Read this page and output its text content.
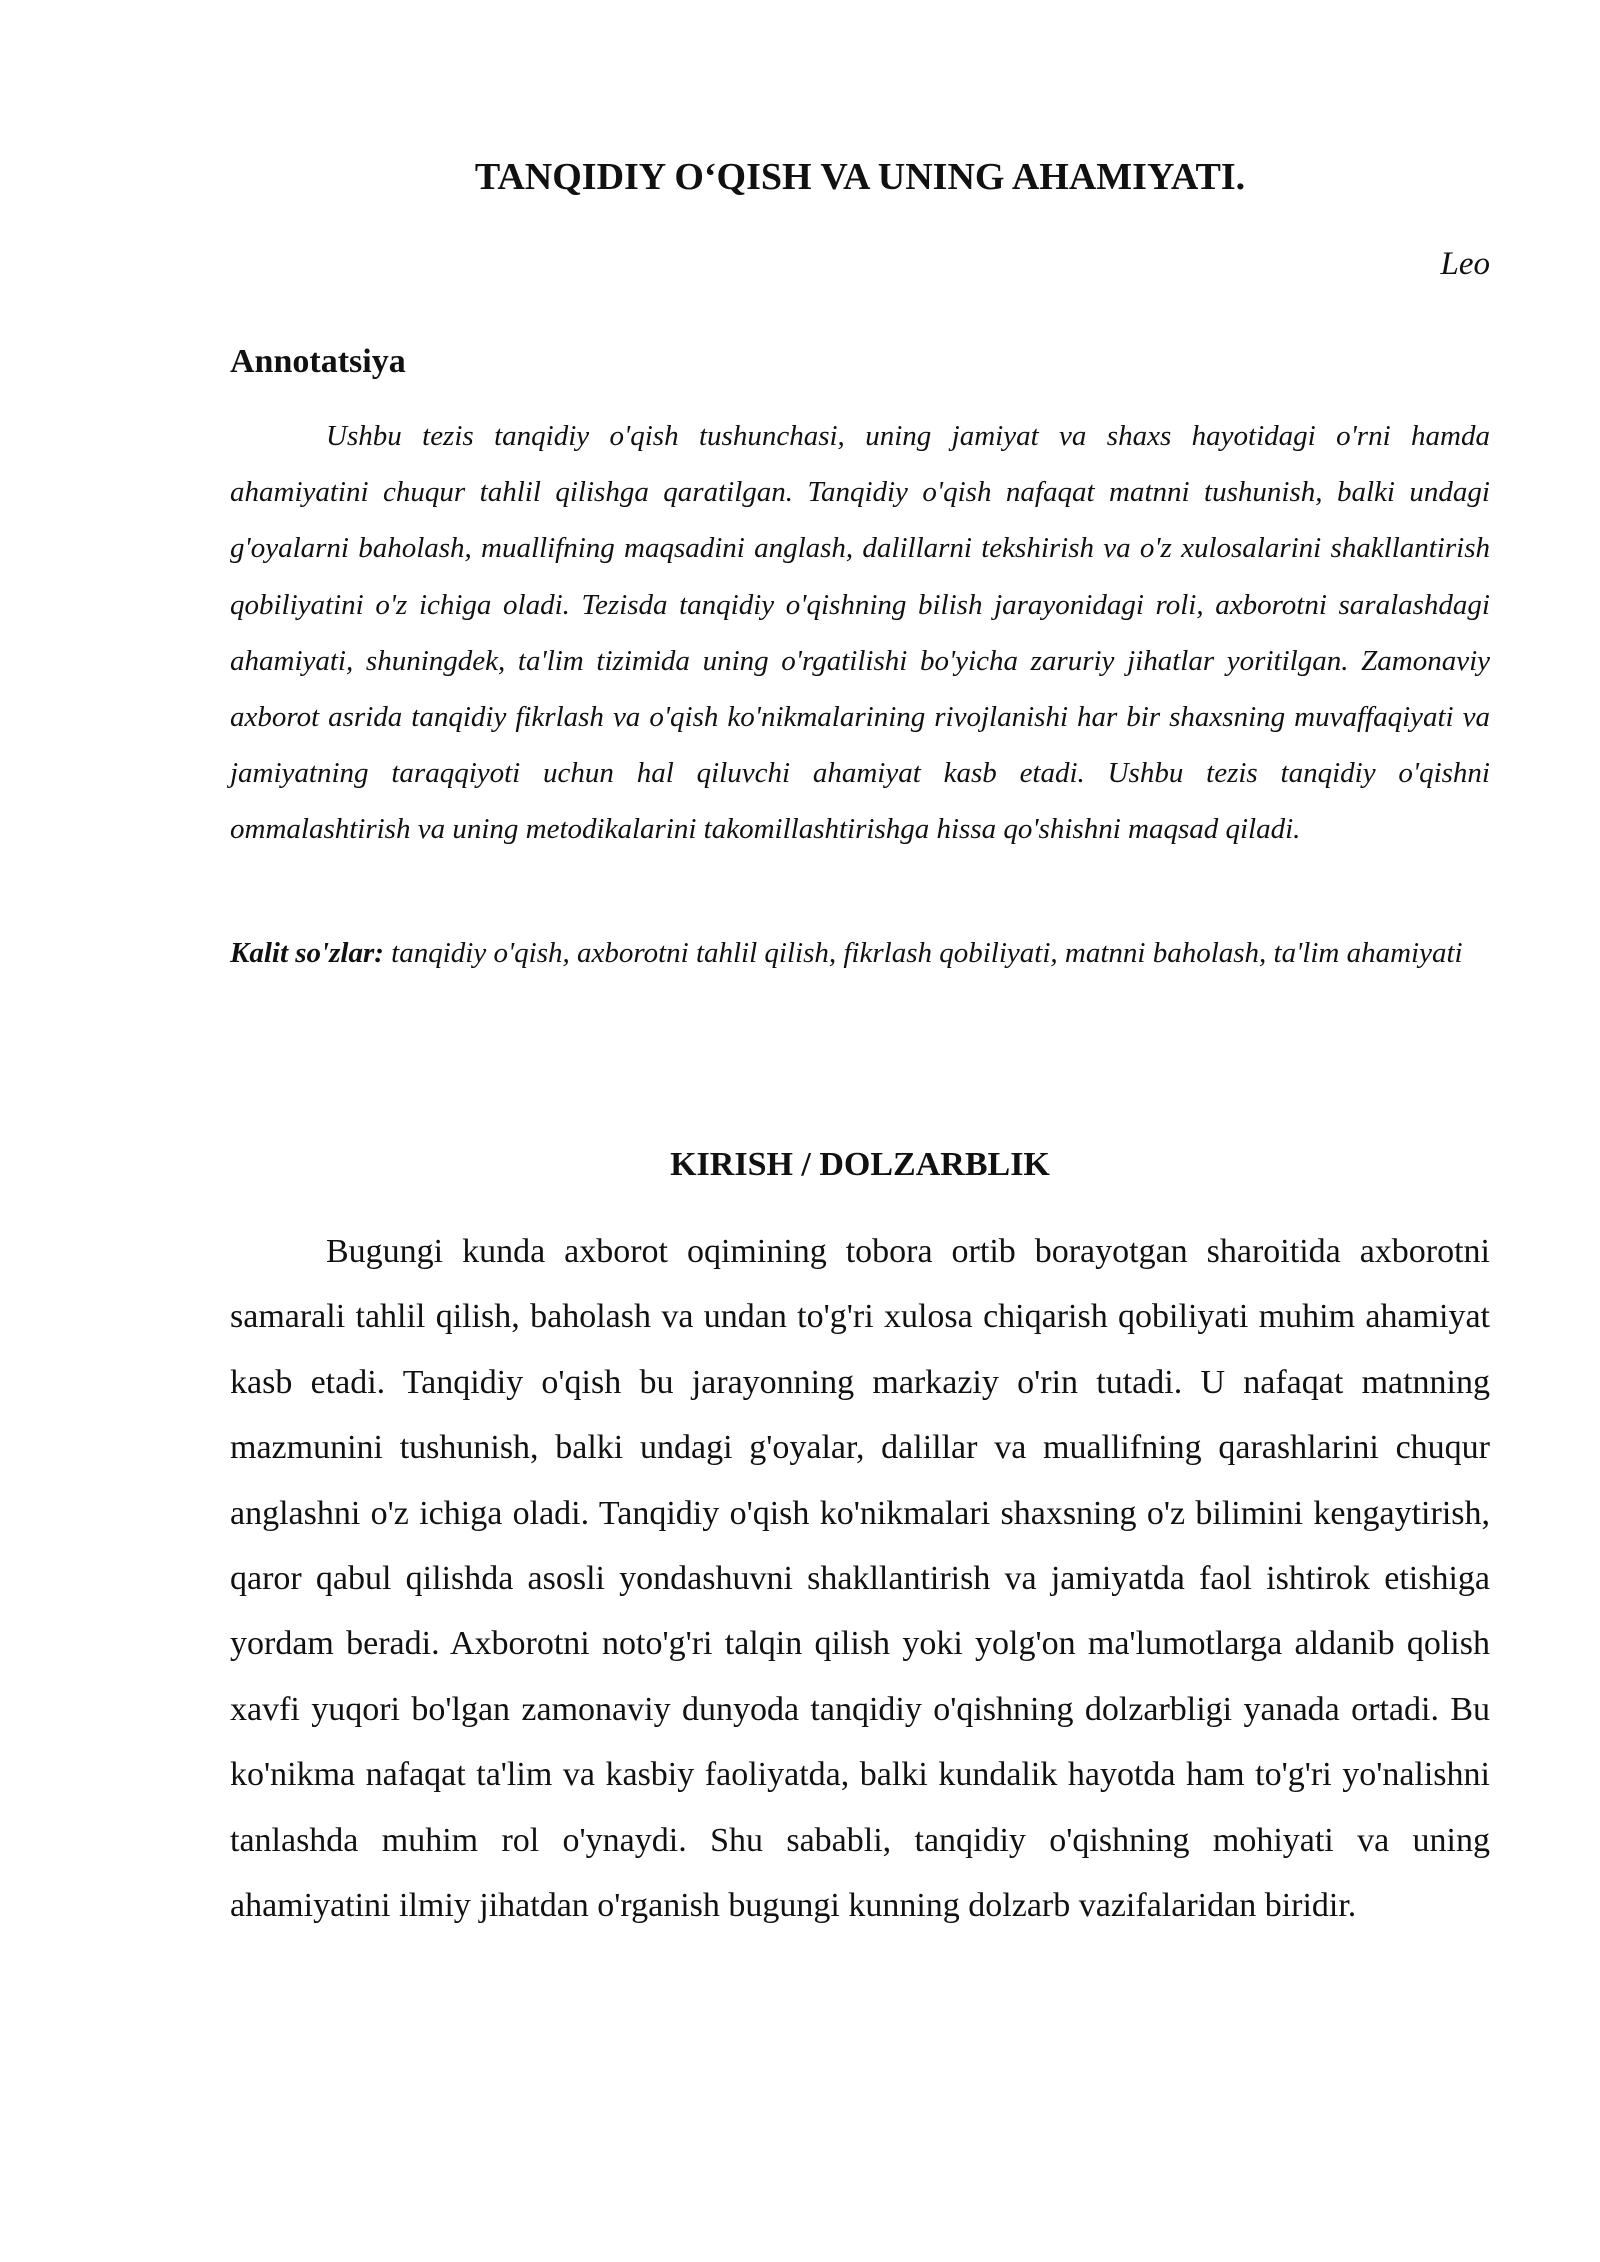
TANQIDIY O‘QISH VA UNING AHAMIYATI.

Leo

Annotatsiya

Ushbu tezis tanqidiy o'qish tushunchasi, uning jamiyat va shaxs hayotidagi o'rni hamda ahamiyatini chuqur tahlil qilishga qaratilgan. Tanqidiy o'qish nafaqat matnni tushunish, balki undagi g'oyalarni baholash, muallifning maqsadini anglash, dalillarni tekshirish va o'z xulosalarini shakllantirish qobiliyatini o'z ichiga oladi. Tezisda tanqidiy o'qishning bilish jarayonidagi roli, axborotni saralashdagi ahamiyati, shuningdek, ta'lim tizimida uning o'rgatilishi bo'yicha zaruriy jihatlar yoritilgan. Zamonaviy axborot asrida tanqidiy fikrlash va o'qish ko'nikmalarining rivojlanishi har bir shaxsning muvaffaqiyati va jamiyatning taraqqiyoti uchun hal qiluvchi ahamiyat kasb etadi. Ushbu tezis tanqidiy o'qishni ommalashtirish va uning metodikalarini takomillashtirishga hissa qo'shishni maqsad qiladi.

Kalit so'zlar: tanqidiy o'qish, axborotni tahlil qilish, fikrlash qobiliyati, matnni baholash, ta'lim ahamiyati

KIRISH / DOLZARBLIK

Bugungi kunda axborot oqimining tobora ortib borayotgan sharoitida axborotni samarali tahlil qilish, baholash va undan to'g'ri xulosa chiqarish qobiliyati muhim ahamiyat kasb etadi. Tanqidiy o'qish bu jarayonning markaziy o'rin tutadi. U nafaqat matnning mazmunini tushunish, balki undagi g'oyalar, dalillar va muallifning qarashlarini chuqur anglashni o'z ichiga oladi. Tanqidiy o'qish ko'nikmalari shaxsning o'z bilimini kengaytirish, qaror qabul qilishda asosli yondashuvni shakllantirish va jamiyatda faol ishtirok etishiga yordam beradi. Axborotni noto'g'ri talqin qilish yoki yolg'on ma'lumotlarga aldanib qolish xavfi yuqori bo'lgan zamonaviy dunyoda tanqidiy o'qishning dolzarbligi yanada ortadi. Bu ko'nikma nafaqat ta'lim va kasbiy faoliyatda, balki kundalik hayotda ham to'g'ri yo'nalishni tanlashda muhim rol o'ynaydi. Shu sababli, tanqidiy o'qishning mohiyati va uning ahamiyatini ilmiy jihatdan o'rganish bugungi kunning dolzarb vazifalaridan biridir.
